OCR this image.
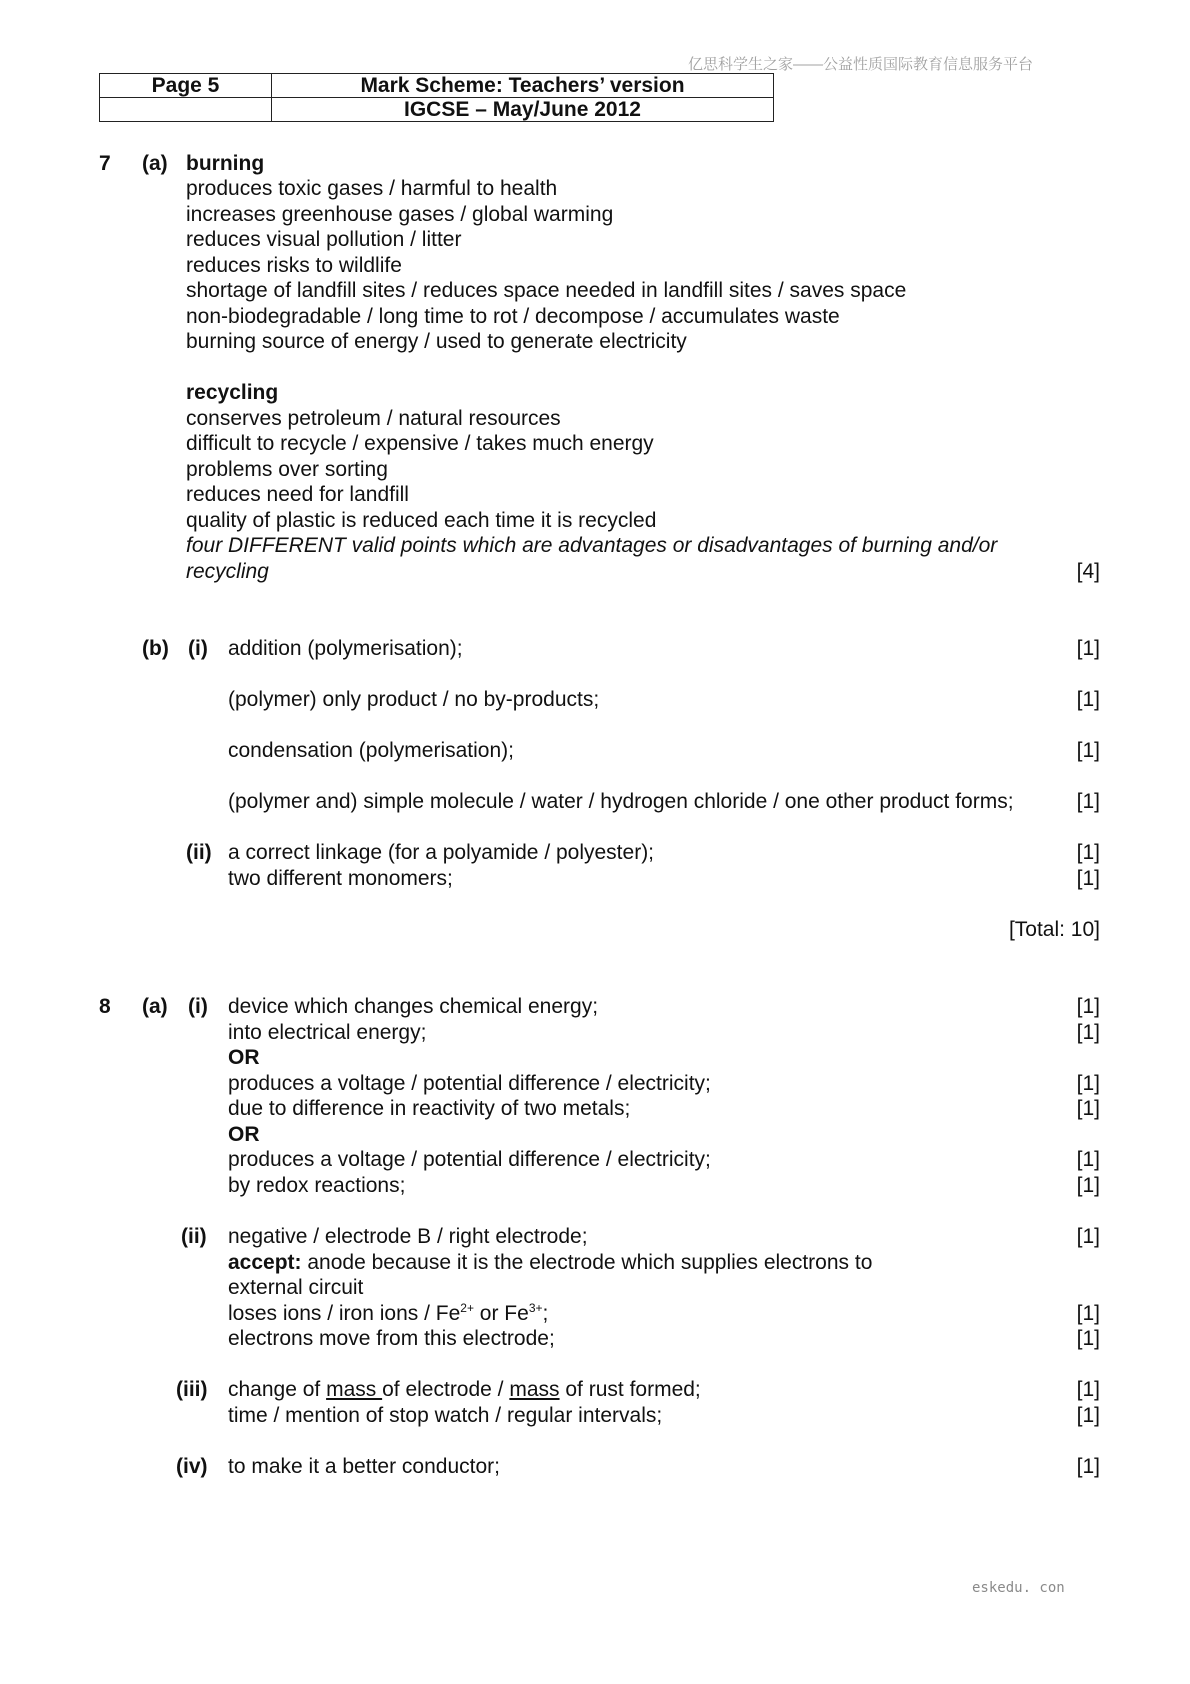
亿思科学生之家——公益性质国际教育信息服务平台
Page 5	Mark Scheme: Teachers’ version
	IGCSE – May/June 2012
7 (a) burning
produces toxic gases / harmful to health
increases greenhouse gases / global warming
reduces visual pollution / litter
reduces risks to wildlife
shortage of landfill sites / reduces space needed in landfill sites / saves space
non-biodegradable / long time to rot / decompose / accumulates waste
burning source of energy / used to generate electricity
recycling
conserves petroleum / natural resources
difficult to recycle / expensive / takes much energy
problems over sorting
reduces need for landfill
quality of plastic is reduced each time it is recycled
four DIFFERENT valid points which are advantages or disadvantages of burning and/or
recycling	[4]
(b) (i) addition (polymerisation);	[1]
(polymer) only product / no by-products;	[1]
condensation (polymerisation);	[1]
(polymer and) simple molecule / water / hydrogen chloride / one other product forms;	[1]
(ii) a correct linkage (for a polyamide / polyester);	[1]
two different monomers;	[1]
[Total: 10]
8 (a) (i) device which changes chemical energy;	[1]
into electrical energy;	[1]
OR
produces a voltage / potential difference / electricity;	[1]
due to difference in reactivity of two metals;	[1]
OR
produces a voltage / potential difference / electricity;	[1]
by redox reactions;	[1]
(ii) negative / electrode B / right electrode;	[1]
accept: anode because it is the electrode which supplies electrons to
external circuit
loses ions / iron ions / $Fe^{2+}$ or $Fe^{3+}$;	[1]
electrons move from this electrode;	[1]
(iii) change of mass of electrode / mass of rust formed;	[1]
time / mention of stop watch / regular intervals;	[1]
(iv) to make it a better conductor;	[1]
eskedu. con
